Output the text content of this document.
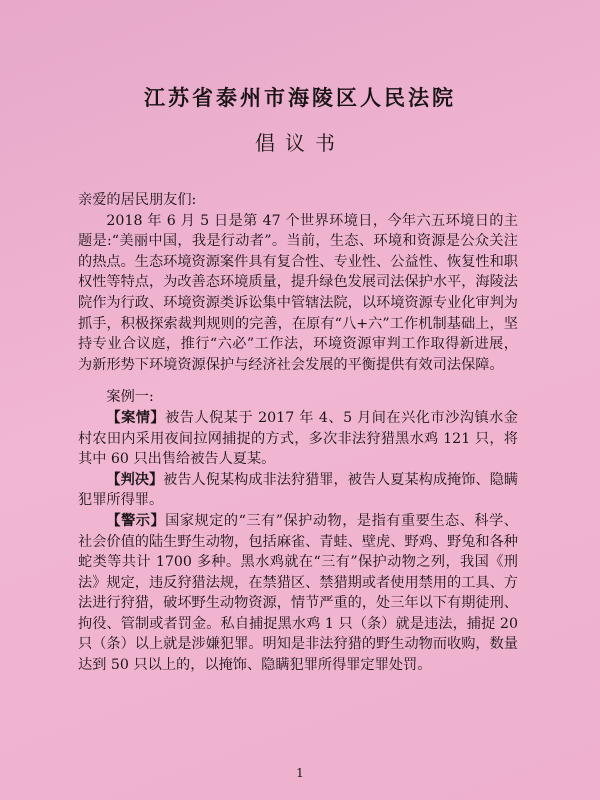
江苏省泰州市海陵区人民法院
倡议书

亲爱的居民朋友们:

2018 年 6 月 5 日是第 47 个世界环境日，今年六五环境日的主题是:“美丽中国，我是行动者”。当前，生态、环境和资源是公众关注的热点。生态环境资源案件具有复合性、专业性、公益性、恢复性和职权性等特点，为改善态环境质量，提升绿色发展司法保护水平，海陵法院作为行政、环境资源类诉讼集中管辖法院，以环境资源专业化审判为抓手，积极探索裁判规则的完善，在原有“八+六”工作机制基础上，坚持专业合议庭，推行“六必”工作法，环境资源审判工作取得新进展，为新形势下环境资源保护与经济社会发展的平衡提供有效司法保障。

案例一:

【案情】被告人倪某于 2017 年 4、5 月间在兴化市沙沟镇水金村农田内采用夜间拉网捕捉的方式，多次非法狩猎黑水鸡 121 只，将其中 60 只出售给被告人夏某。

【判决】被告人倪某构成非法狩猎罪，被告人夏某构成掩饰、隐瞒犯罪所得罪。

【警示】国家规定的“三有”保护动物，是指有重要生态、科学、社会价值的陆生野生动物，包括麻雀、青蛙、壁虎、野鸡、野兔和各种蛇类等共计 1700 多种。黑水鸡就在“三有”保护动物之列，我国《刑法》规定，违反狩猎法规，在禁猎区、禁猎期或者使用禁用的工具、方法进行狩猎，破坏野生动物资源，情节严重的，处三年以下有期徒刑、拘役、管制或者罚金。私自捕捉黑水鸡 1 只（条）就是违法，捕捉 20 只（条）以上就是涉嫌犯罪。明知是非法狩猎的野生动物而收购，数量达到 50 只以上的，以掩饰、隐瞒犯罪所得罪定罪处罚。

1
